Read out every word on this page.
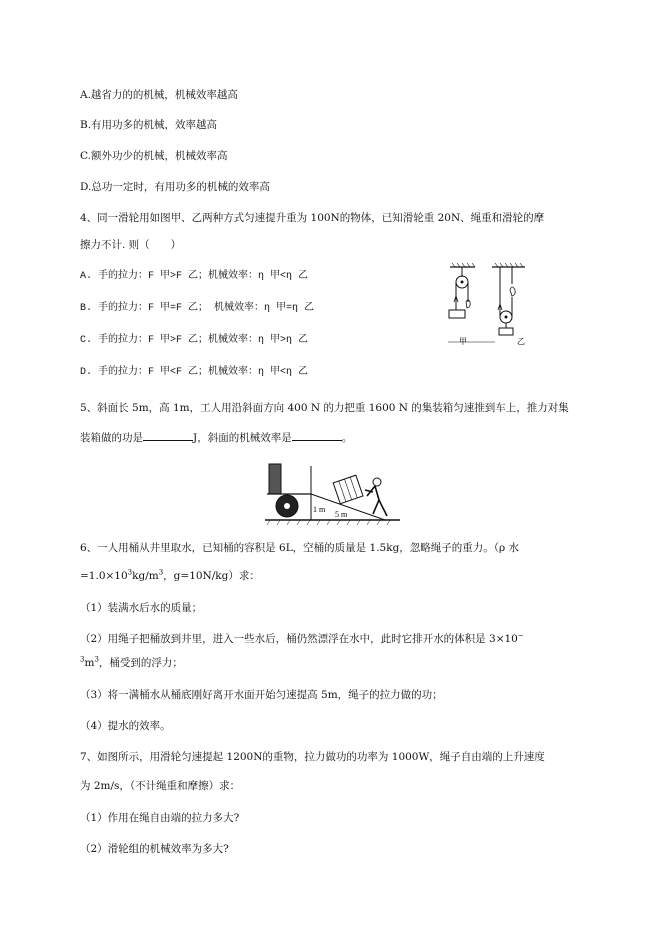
A.越省力的的机械，机械效率越高
B.有用功多的机械，效率越高
C.额外功少的机械，机械效率高
D.总功一定时，有用功多的机械的效率高
4、同一滑轮用如图甲、乙两种方式匀速提升重为 100N的物体，已知滑轮重 20N、绳重和滑轮的摩
擦力不计. 则（　　）
A. 手的拉力：F 甲>F 乙；机械效率：η 甲<η 乙
B. 手的拉力：F 甲=F 乙； 机械效率：η 甲=η 乙
C. 手的拉力：F 甲>F 乙；机械效率：η 甲>η 乙
D. 手的拉力：F 甲<F 乙；机械效率：η 甲<η 乙
甲	乙
5、斜面长 5m，高 1m，工人用沿斜面方向 400 N 的力把重 1600 N 的集装箱匀速推到车上，推力对集
装箱做的功是	J，斜面的机械效率是	。
1 m
5 m
6、一人用桶从井里取水，已知桶的容积是 6L，空桶的质量是 1.5kg，忽略绳子的重力。（ρ 水
$=1.0\times 10^3kg/m^3$，g=10N/kg）求：
（1）装满水后水的质量；
（2）用绳子把桶放到井里，进入一些水后，桶仍然漂浮在水中，此时它排开水的体积是 3×10−
$^3m^3$，桶受到的浮力；
（3）将一满桶水从桶底刚好离开水面开始匀速提高 5m，绳子的拉力做的功；
（4）提水的效率。
7、如图所示，用滑轮匀速提起 1200N的重物，拉力做功的功率为 1000W，绳子自由端的上升速度
为 2m/s，（不计绳重和摩擦）求：
（1）作用在绳自由端的拉力多大?
（2）滑轮组的机械效率为多大?
